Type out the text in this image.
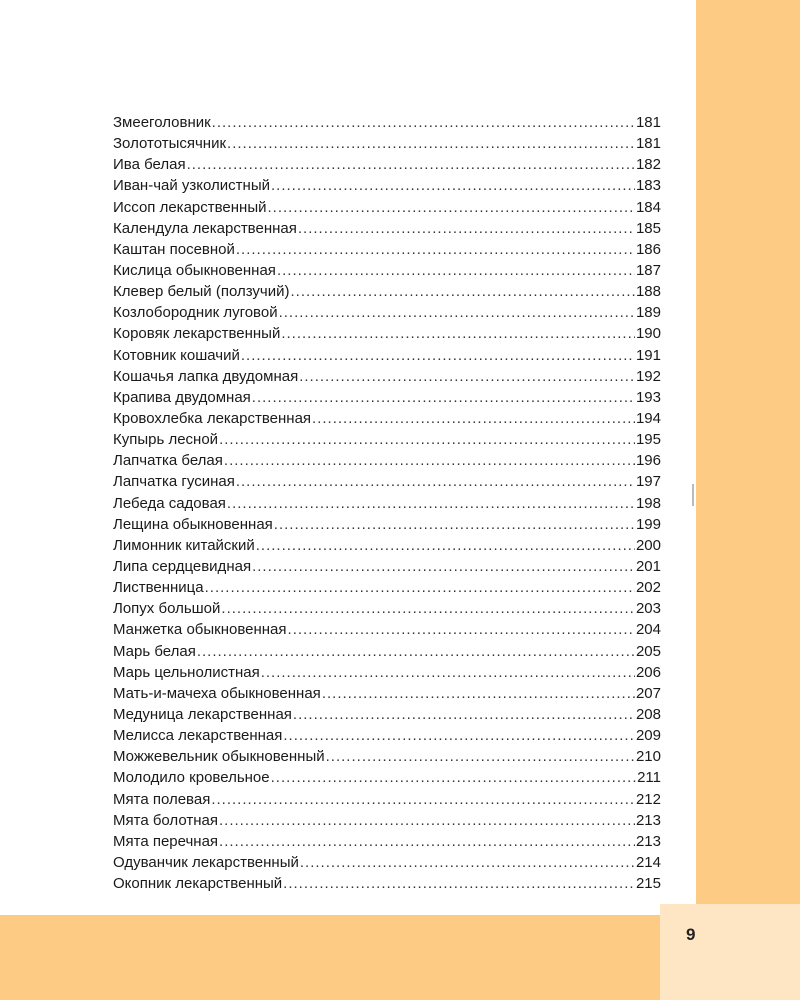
9
Змееголовник .....	181
Золототысячник .....	181
Ива белая .....	182
Иван-чай узколистный .....	183
Иссоп лекарственный .....	184
Календула лекарственная .....	185
Каштан посевной .....	186
Кислица обыкновенная .....	187
Клевер белый (ползучий) .....	188
Козлобородник луговой .....	189
Коровяк лекарственный .....	190
Котовник кошачий .....	191
Кошачья лапка двудомная .....	192
Крапива двудомная .....	193
Кровохлебка лекарственная .....	194
Купырь лесной .....	195
Лапчатка белая .....	196
Лапчатка гусиная .....	197
Лебеда садовая .....	198
Лещина обыкновенная .....	199
Лимонник китайский .....	200
Липа сердцевидная .....	201
Лиственница .....	202
Лопух большой .....	203
Манжетка обыкновенная .....	204
Марь белая .....	205
Марь цельнолистная .....	206
Мать-и-мачеха обыкновенная .....	207
Медуница лекарственная .....	208
Мелисса лекарственная .....	209
Можжевельник обыкновенный .....	210
Молодило кровельное .....	211
Мята полевая .....	212
Мята болотная .....	213
Мята перечная .....	213
Одуванчик лекарственный .....	214
Окопник лекарственный .....	215
